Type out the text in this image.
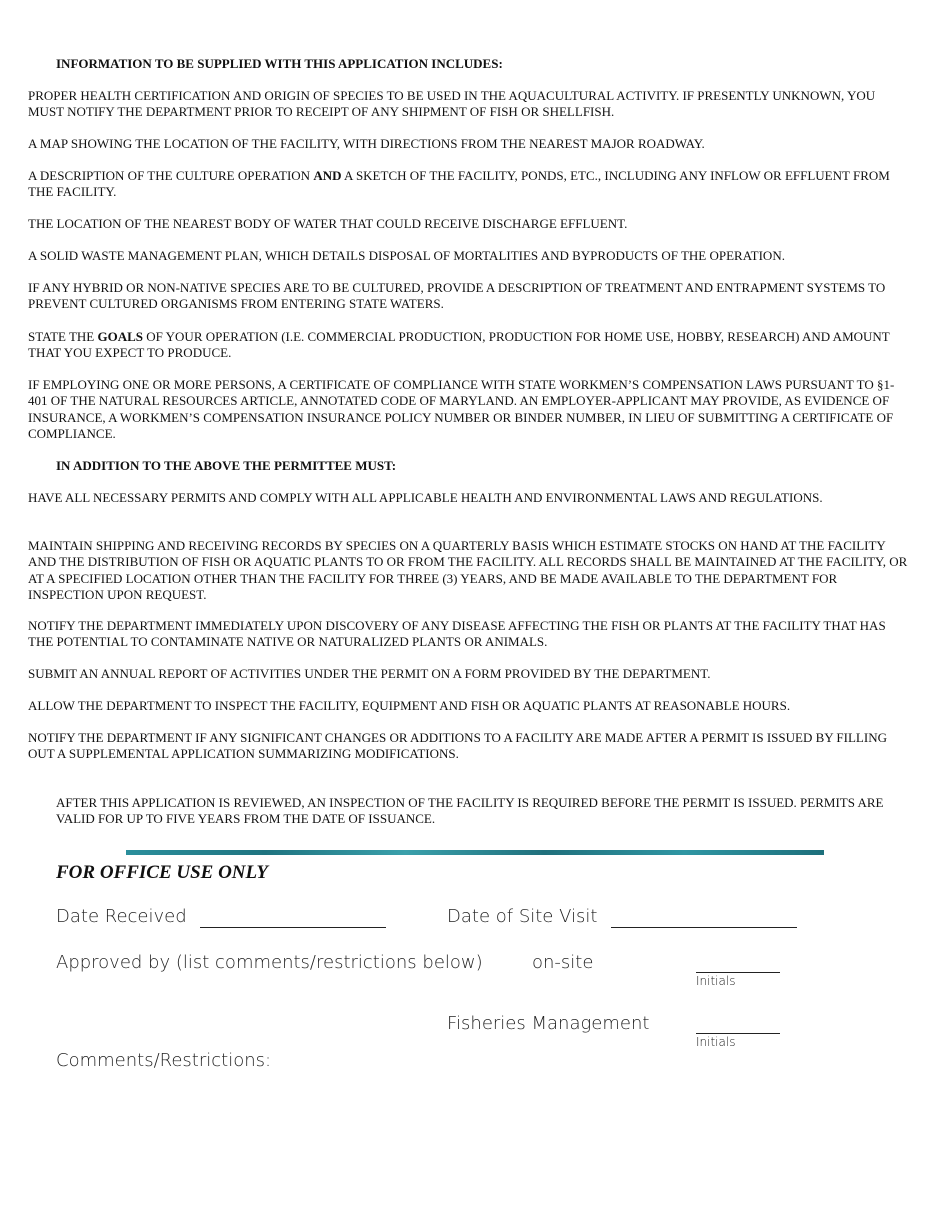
INFORMATION TO BE SUPPLIED WITH THIS APPLICATION INCLUDES:

PROPER HEALTH CERTIFICATION AND ORIGIN OF SPECIES TO BE USED IN THE AQUACULTURAL ACTIVITY. IF PRESENTLY UNKNOWN, YOU MUST NOTIFY THE DEPARTMENT PRIOR TO RECEIPT OF ANY SHIPMENT OF FISH OR SHELLFISH.

A MAP SHOWING THE LOCATION OF THE FACILITY, WITH DIRECTIONS FROM THE NEAREST MAJOR ROADWAY.

A DESCRIPTION OF THE CULTURE OPERATION AND A SKETCH OF THE FACILITY, PONDS, ETC., INCLUDING ANY INFLOW OR EFFLUENT FROM THE FACILITY.

THE LOCATION OF THE NEAREST BODY OF WATER THAT COULD RECEIVE DISCHARGE EFFLUENT.

A SOLID WASTE MANAGEMENT PLAN, WHICH DETAILS DISPOSAL OF MORTALITIES AND BYPRODUCTS OF THE OPERATION.

IF ANY HYBRID OR NON-NATIVE SPECIES ARE TO BE CULTURED, PROVIDE A DESCRIPTION OF TREATMENT AND ENTRAPMENT SYSTEMS TO PREVENT CULTURED ORGANISMS FROM ENTERING STATE WATERS.

STATE THE GOALS OF YOUR OPERATION (I.E. COMMERCIAL PRODUCTION, PRODUCTION FOR HOME USE, HOBBY, RESEARCH) AND AMOUNT THAT YOU EXPECT TO PRODUCE.

IF EMPLOYING ONE OR MORE PERSONS, A CERTIFICATE OF COMPLIANCE WITH STATE WORKMEN’S COMPENSATION LAWS PURSUANT TO §1-401 OF THE NATURAL RESOURCES ARTICLE, ANNOTATED CODE OF MARYLAND. AN EMPLOYER-APPLICANT MAY PROVIDE, AS EVIDENCE OF INSURANCE, A WORKMEN’S COMPENSATION INSURANCE POLICY NUMBER OR BINDER NUMBER, IN LIEU OF SUBMITTING A CERTIFICATE OF COMPLIANCE.

IN ADDITION TO THE ABOVE THE PERMITTEE MUST:

HAVE ALL NECESSARY PERMITS AND COMPLY WITH ALL APPLICABLE HEALTH AND ENVIRONMENTAL LAWS AND REGULATIONS.

MAINTAIN SHIPPING AND RECEIVING RECORDS BY SPECIES ON A QUARTERLY BASIS WHICH ESTIMATE STOCKS ON HAND AT THE FACILITY AND THE DISTRIBUTION OF FISH OR AQUATIC PLANTS TO OR FROM THE FACILITY. ALL RECORDS SHALL BE MAINTAINED AT THE FACILITY, OR AT A SPECIFIED LOCATION OTHER THAN THE FACILITY FOR THREE (3) YEARS, AND BE MADE AVAILABLE TO THE DEPARTMENT FOR INSPECTION UPON REQUEST.

NOTIFY THE DEPARTMENT IMMEDIATELY UPON DISCOVERY OF ANY DISEASE AFFECTING THE FISH OR PLANTS AT THE FACILITY THAT HAS THE POTENTIAL TO CONTAMINATE NATIVE OR NATURALIZED PLANTS OR ANIMALS.

SUBMIT AN ANNUAL REPORT OF ACTIVITIES UNDER THE PERMIT ON A FORM PROVIDED BY THE DEPARTMENT.

ALLOW THE DEPARTMENT TO INSPECT THE FACILITY, EQUIPMENT AND FISH OR AQUATIC PLANTS AT REASONABLE HOURS.

NOTIFY THE DEPARTMENT IF ANY SIGNIFICANT CHANGES OR ADDITIONS TO A FACILITY ARE MADE AFTER A PERMIT IS ISSUED BY FILLING OUT A SUPPLEMENTAL APPLICATION SUMMARIZING MODIFICATIONS.

AFTER THIS APPLICATION IS REVIEWED, AN INSPECTION OF THE FACILITY IS REQUIRED BEFORE THE PERMIT IS ISSUED. PERMITS ARE VALID FOR UP TO FIVE YEARS FROM THE DATE OF ISSUANCE.

FOR OFFICE USE ONLY

Date Received	Date of Site Visit

Approved by (list comments/restrictions below)	on-site

Initials

Fisheries Management

Initials

Comments/Restrictions:
